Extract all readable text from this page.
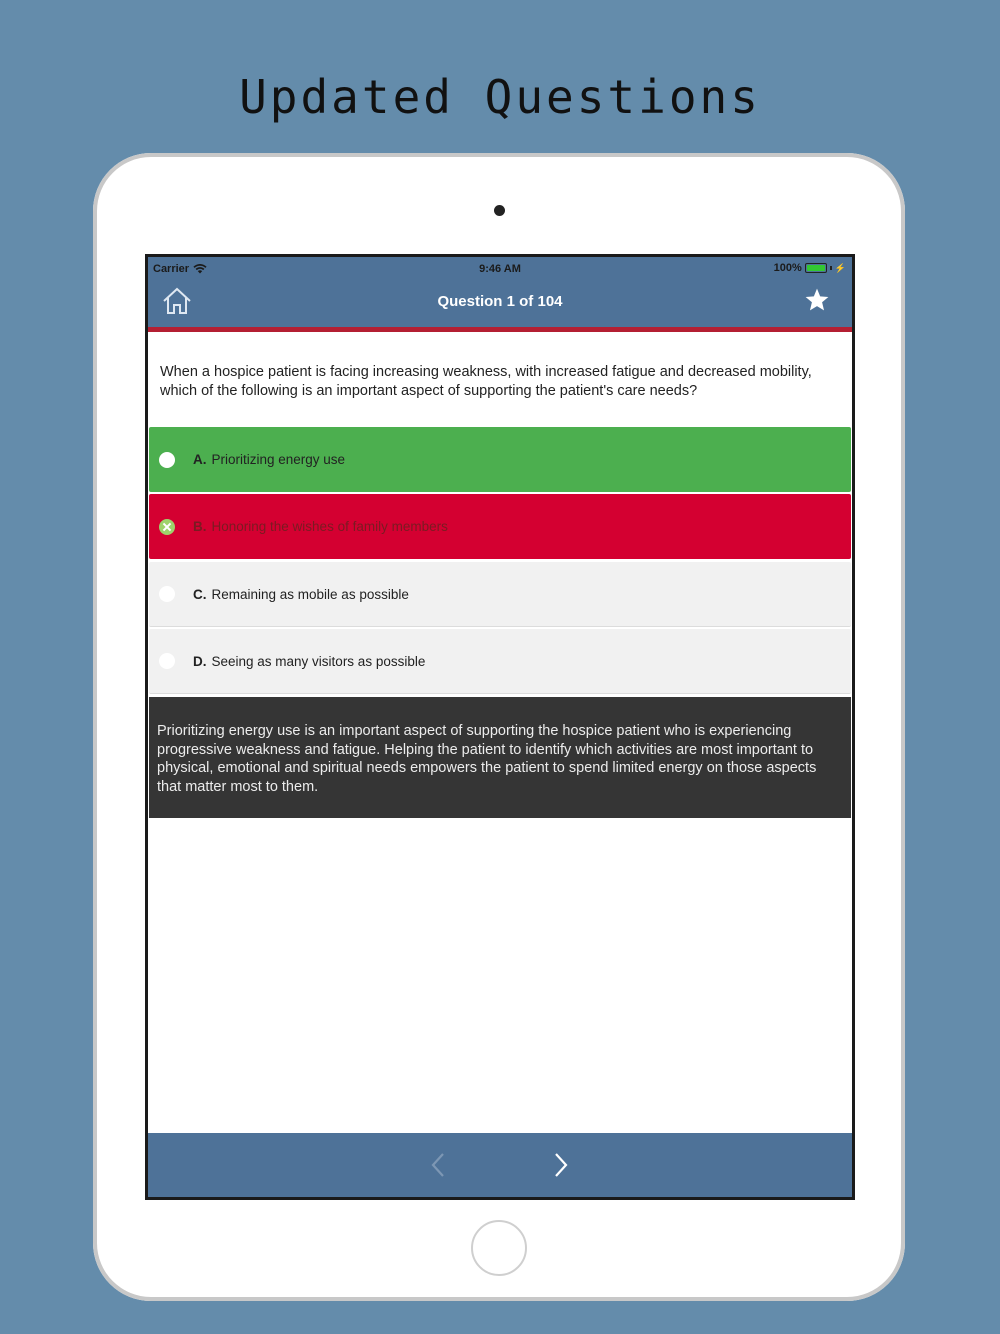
Updated Questions
Carrier	9:46 AM	100%	⚡
Question 1 of 104
When a hospice patient is facing increasing weakness, with increased fatigue and decreased mobility, which of the following is an important aspect of supporting the patient's care needs?
A. Prioritizing energy use
B. Honoring the wishes of family members
C. Remaining as mobile as possible
D. Seeing as many visitors as possible
Prioritizing energy use is an important aspect of supporting the hospice patient who is experiencing progressive weakness and fatigue. Helping the patient to identify which activities are most important to physical, emotional and spiritual needs empowers the patient to spend limited energy on those aspects that matter most to them.
